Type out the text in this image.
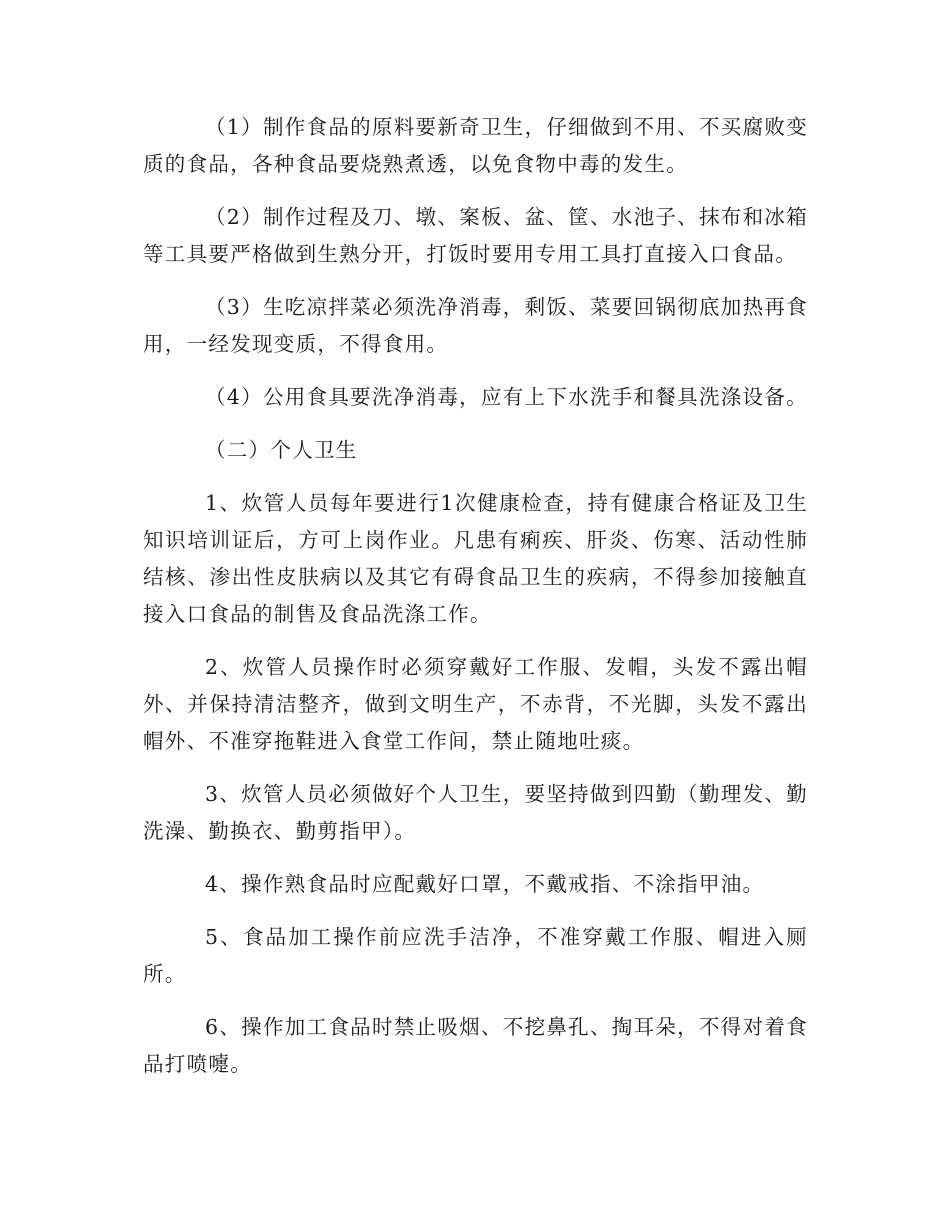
（1）制作食品的原料要新奇卫生，仔细做到不用、不买腐败变质的食品，各种食品要烧熟煮透，以免食物中毒的发生。

（2）制作过程及刀、墩、案板、盆、筐、水池子、抹布和冰箱等工具要严格做到生熟分开，打饭时要用专用工具打直接入口食品。

（3）生吃凉拌菜必须洗净消毒，剩饭、菜要回锅彻底加热再食用，一经发现变质，不得食用。

（4）公用食具要洗净消毒，应有上下水洗手和餐具洗涤设备。

（二）个人卫生

1、炊管人员每年要进行1次健康检查，持有健康合格证及卫生知识培训证后，方可上岗作业。凡患有痢疾、肝炎、伤寒、活动性肺结核、渗出性皮肤病以及其它有碍食品卫生的疾病，不得参加接触直接入口食品的制售及食品洗涤工作。

2、炊管人员操作时必须穿戴好工作服、发帽，头发不露出帽外、并保持清洁整齐，做到文明生产，不赤背，不光脚，头发不露出帽外、不准穿拖鞋进入食堂工作间，禁止随地吐痰。

3、炊管人员必须做好个人卫生，要坚持做到四勤（勤理发、勤洗澡、勤换衣、勤剪指甲）。

4、操作熟食品时应配戴好口罩，不戴戒指、不涂指甲油。

5、食品加工操作前应洗手洁净，不准穿戴工作服、帽进入厕所。

6、操作加工食品时禁止吸烟、不挖鼻孔、掏耳朵，不得对着食品打喷嚏。
